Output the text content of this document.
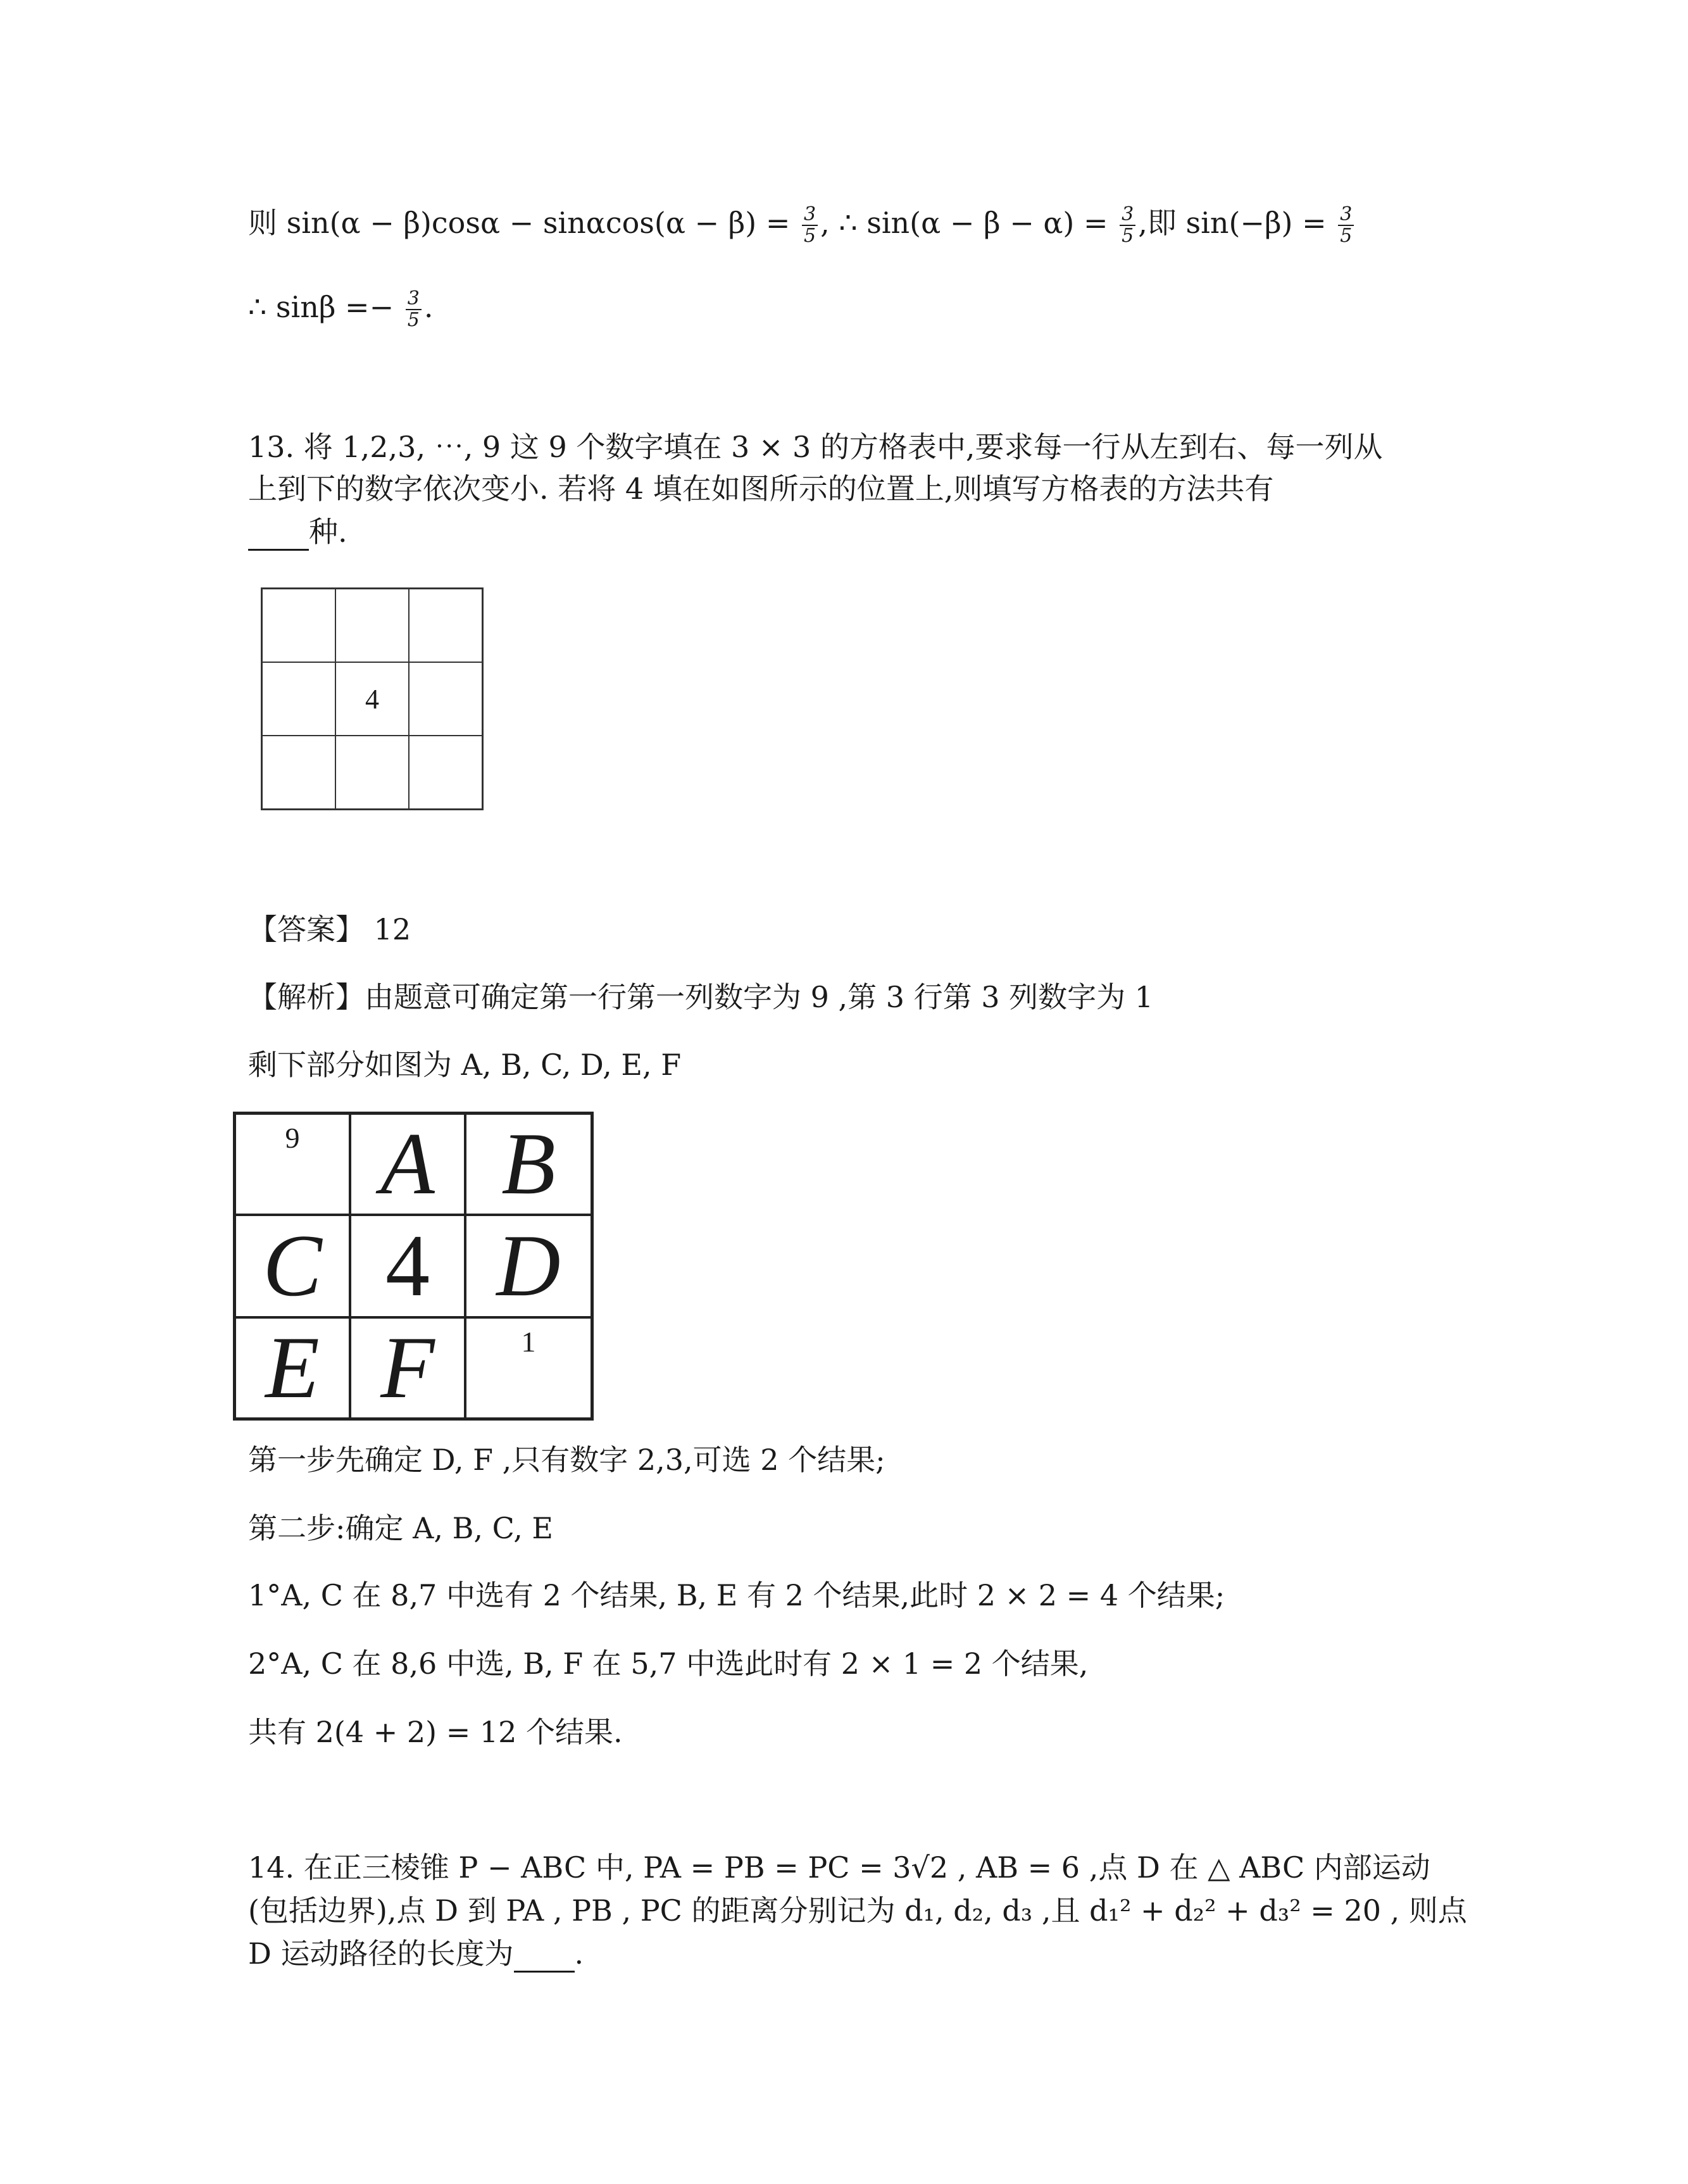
则 $\sin(\alpha - \beta)\cos\alpha - \sin\alpha\cos(\alpha - \beta) = \frac{3}{5}$ , ∴ $\sin(\alpha - \beta - \alpha) = \frac{3}{5}$ ,即 $\sin(-\beta) = \frac{3}{5}$
∴ $\sin\beta =- \frac{3}{5}$ .
13. 将 1,2,3, ⋯, 9 这 9 个数字填在 3 × 3 的方格表中,要求每一行从左到右、每一列从
上到下的数字依次变小. 若将 4 填在如图所示的位置上,则填写方格表的方法共有
种.
4
【答案】 12
【解析】由题意可确定第一行第一列数字为 9 ,第 3 行第 3 列数字为 1
剩下部分如图为 A, B, C, D, E, F
9 A B
C 4 D
E F	1
第一步先确定 D, F ,只有数字 2,3,可选 2 个结果;
第二步:确定 A, B, C, E
1°A, C 在 8,7 中选有 2 个结果, B, E 有 2 个结果,此时 2 × 2 = 4 个结果;
2°A, C 在 8,6 中选, B, F 在 5,7 中选此时有 2 × 1 = 2 个结果,
共有 2(4 + 2) = 12 个结果.
14. 在正三棱锥 P − ABC 中, PA = PB = PC = 3√2 , AB = 6 ,点 D 在 △ ABC 内部运动
(包括边界),点 D 到 PA , PB , PC 的距离分别记为 d₁, d₂, d₃ ,且 d₁² + d₂² + d₃² = 20 , 则点
D 运动路径的长度为 .
